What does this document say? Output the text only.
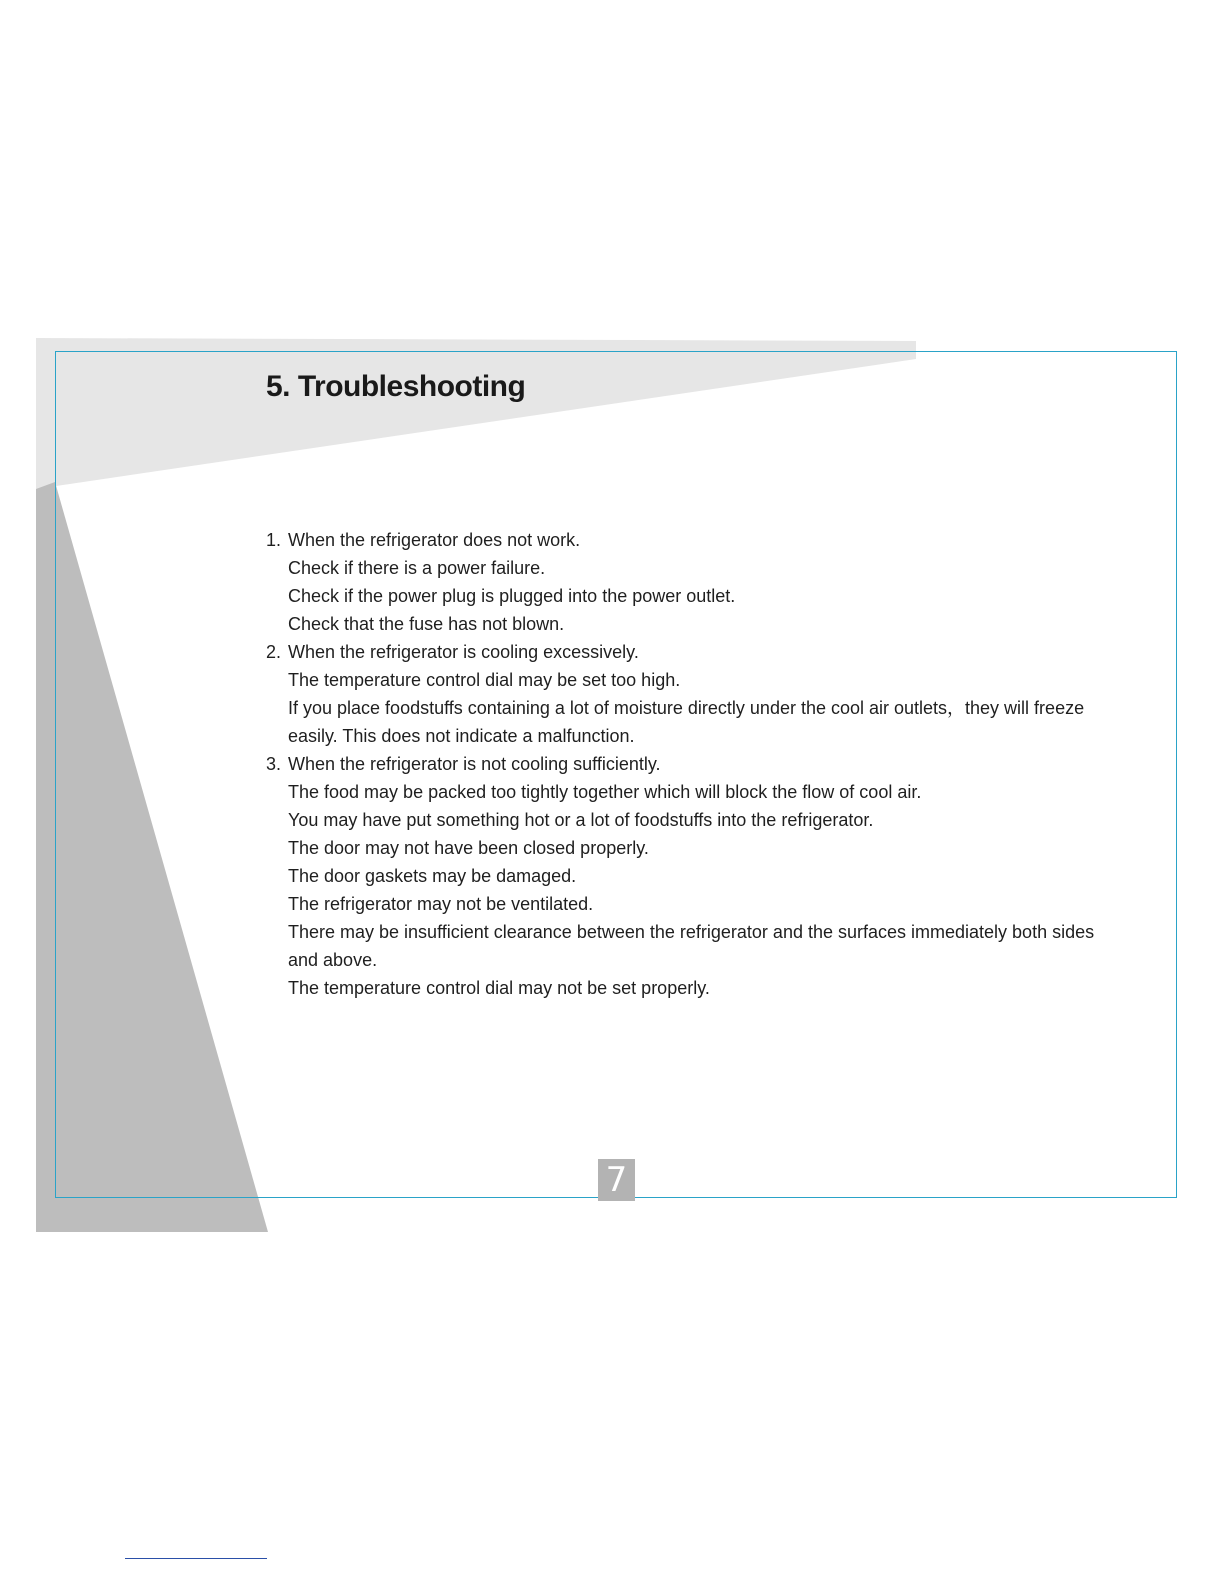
5. Troubleshooting
1. When the refrigerator does not work.
Check if there is a power failure.
Check if the power plug is plugged into the power outlet.
Check that the fuse has not blown.
2. When the refrigerator is cooling excessively.
The temperature control dial may be set too high.
If you place foodstuffs containing a lot of moisture directly under the cool air outlets，they will freeze easily. This does not indicate a malfunction.
3. When the refrigerator is not cooling sufficiently.
The food may be packed too tightly together which will block the flow of cool air.
You may have put something hot or a lot of foodstuffs into the refrigerator.
The door may not have been closed properly.
The door gaskets may be damaged.
The refrigerator may not be ventilated.
There may be insufficient clearance between the refrigerator and the surfaces immediately both sides and above.
The temperature control dial may not be set properly.
7
